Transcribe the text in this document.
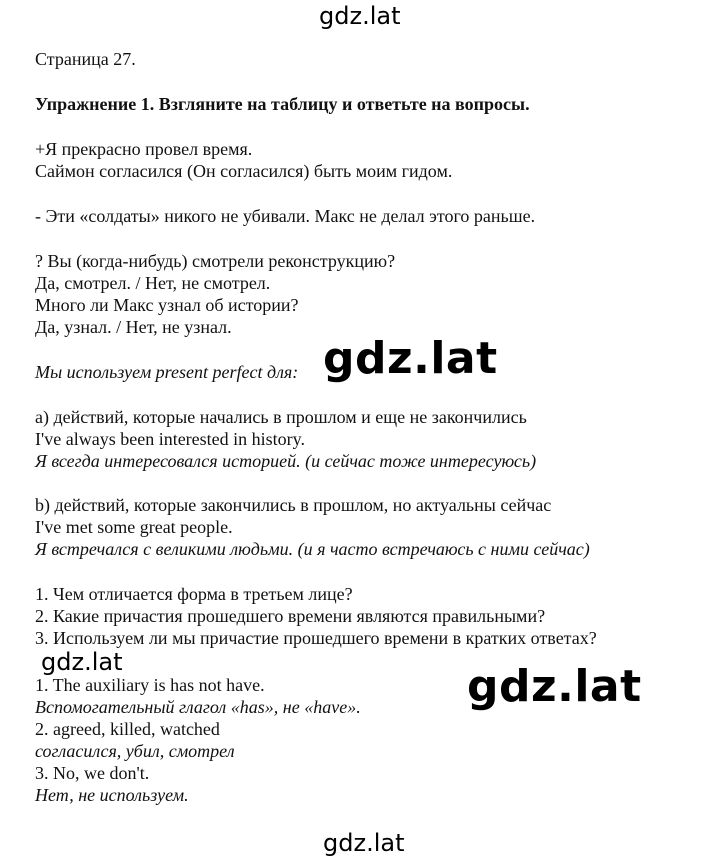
gdz.lat
gdz.lat
gdz.lat	gdz.lat
gdz.lat
Страница 27.
Упражнение 1. Взгляните на таблицу и ответьте на вопросы.
+Я прекрасно провел время.
Саймон согласился (Он согласился) быть моим гидом.
- Эти «солдаты» никого не убивали. Макс не делал этого раньше.
? Вы (когда-нибудь) смотрели реконструкцию?
Да, смотрел. / Нет, не смотрел.
Много ли Макс узнал об истории?
Да, узнал. / Нет, не узнал.
Мы используем present perfect для:
а) действий, которые начались в прошлом и еще не закончились
I've always been interested in history.
Я всегда интересовался историей. (и сейчас тоже интересуюсь)
b) действий, которые закончились в прошлом, но актуальны сейчас
I've met some great people.
Я встречался с великими людьми. (и я часто встречаюсь с ними сейчас)
1. Чем отличается форма в третьем лице?
2. Какие причастия прошедшего времени являются правильными?
3. Используем ли мы причастие прошедшего времени в кратких ответах?
1. The auxiliary is has not have.
Вспомогательный глагол «has», не «have».
2. agreed, killed, watched
согласился, убил, смотрел
3. No, we don't.
Нет, не используем.
